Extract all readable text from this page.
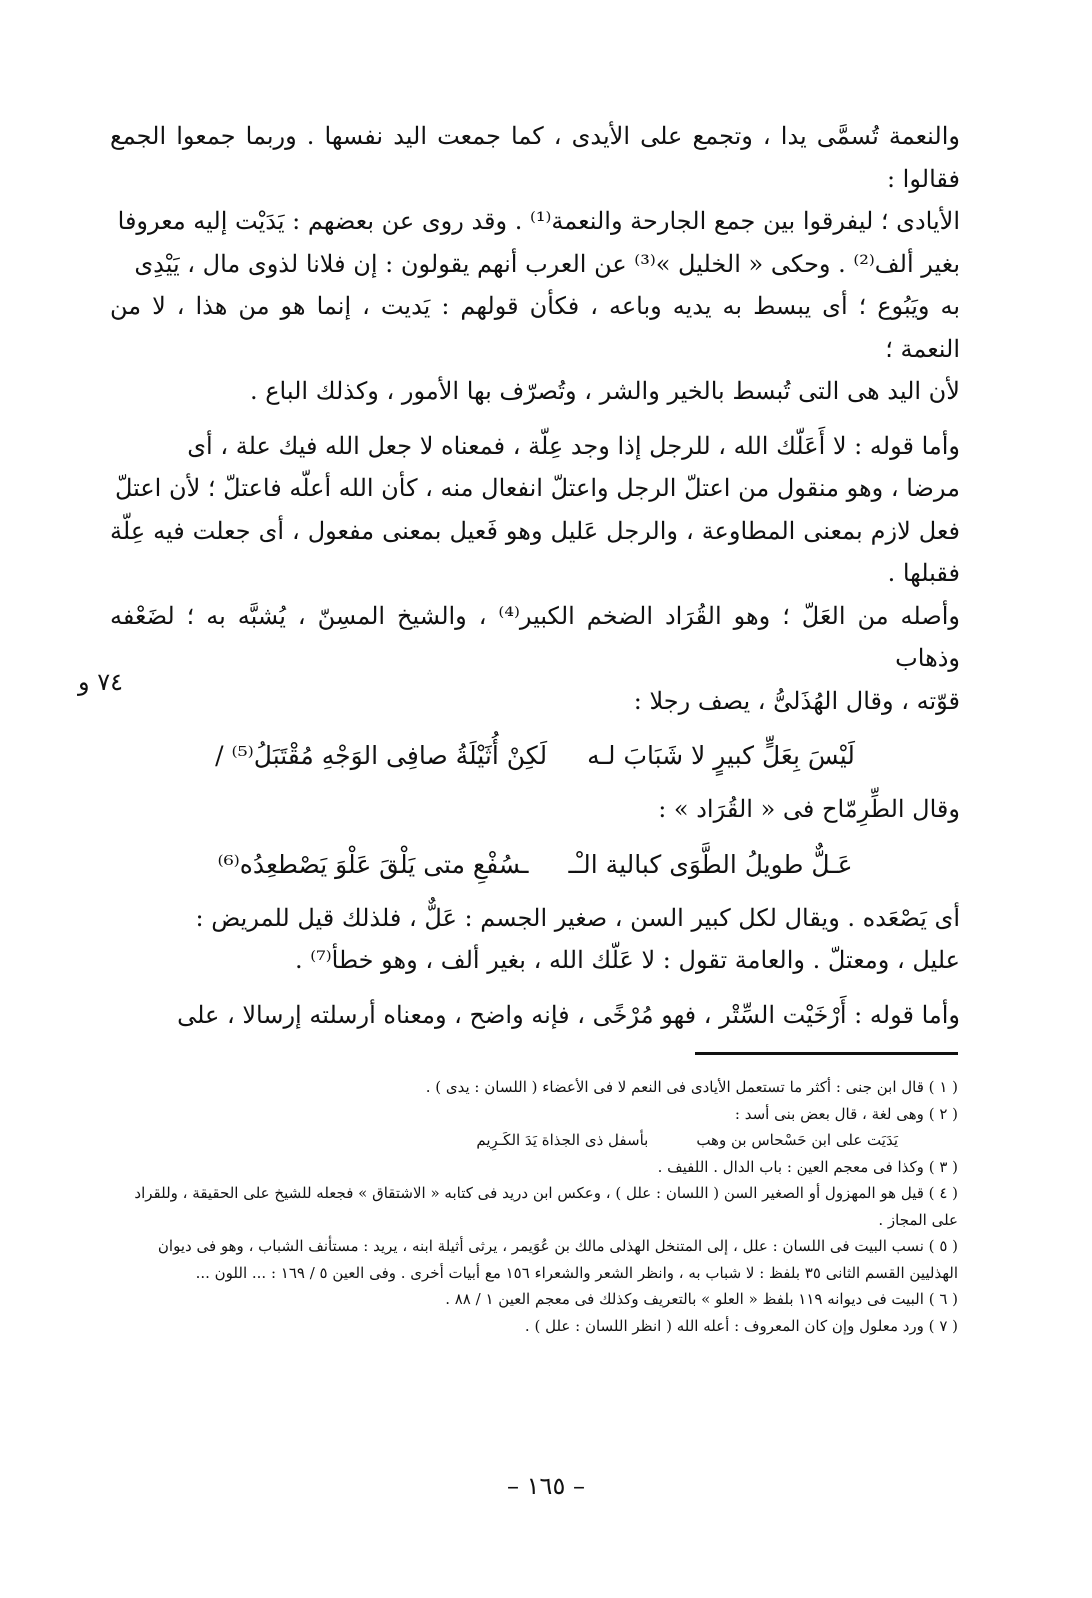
والنعمة تُسمَّى يدا ، وتجمع على الأيدى ، كما جمعت اليد نفسها . وربما جمعوا الجمع فقالوا :
الأيادى ؛ ليفرقوا بين جمع الجارحة والنعمة⁽¹⁾ . وقد روى عن بعضهم : يَدَيْت إليه معروفا
بغير ألف⁽²⁾ . وحكى « الخليل »⁽³⁾ عن العرب أنهم يقولون : إن فلانا لذوى مال ، يَيْدِى
به ويَبُوع ؛ أى يبسط به يديه وباعه ، فكأن قولهم : يَديت ، إنما هو من هذا ، لا من النعمة ؛
لأن اليد هى التى تُبسط بالخير والشر ، وتُصرّف بها الأمور ، وكذلك الباع .

وأما قوله : لا أَعَلّك الله ، للرجل إذا وجد عِلّة ، فمعناه لا جعل الله فيك علة ، أى
مرضا ، وهو منقول من اعتلّ الرجل واعتلّ انفعال منه ، كأن الله أعلّه فاعتلّ ؛ لأن اعتلّ
فعل لازم بمعنى المطاوعة ، والرجل عَليل وهو فَعيل بمعنى مفعول ، أى جعلت فيه عِلّة فقبلها .
وأصله من العَلّ ؛ وهو القُرَاد الضخم الكبير⁽⁴⁾ ، والشيخ المسِنّ ، يُشبَّه به ؛ لضَعْفه وذهاب
قوّته ، وقال الهُذَلىُّ ، يصف رجلا :

لَيْسَ بِعَلٍّ كبيرٍ لا شَبَابَ لـه
لَكِنْ أُثَيْلَةُ صافِى الوَجْهِ مُقْتَبَلُ⁽⁵⁾ /

وقال الطِّرِمّاح فى « القُرَاد » :

عَـلٌّ طويلُ الطَّوَى كبالية الـْـ
ـسُفْعِ متى يَلْقَ عَلْوَ يَصْطعِدُه⁽⁶⁾

أى يَصْعَده . ويقال لكل كبير السن ، صغير الجسم : عَلٌّ ، فلذلك قيل للمريض :
عليل ، ومعتلّ . والعامة تقول : لا عَلّك الله ، بغير ألف ، وهو خطأ⁽⁷⁾ .

وأما قوله : أَرْخَيْت السِّتْر ، فهو مُرْخًى ، فإنه واضح ، ومعناه أرسلته إرسالا ، على

٧٤ و

( ١ ) قال ابن جنى : أكثر ما تستعمل الأيادى فى النعم لا فى الأعضاء ( اللسان : يدى ) .

( ٢ ) وهى لغة ، قال بعض بنى أسد :

يَدَيَت على ابن حَسْحاس بن وهب
بأسفل ذى الجذاة يَدَ الكَـرِيم

( ٣ ) وكذا فى معجم العين : باب الدال . اللفيف .

( ٤ ) قيل هو المهزول أو الصغير السن ( اللسان : علل ) ، وعكس ابن دريد فى كتابه « الاشتقاق » فجعله للشيخ على الحقيقة ، وللقراد على المجاز .

( ٥ ) نسب البيت فى اللسان : علل ، إلى المتنخل الهذلى مالك بن عُوَيمر ، يرثى أثيلة ابنه ، يريد : مستأنف الشباب ، وهو فى ديوان الهذليين القسم الثانى ٣٥ بلفظ : لا شباب به ، وانظر الشعر والشعراء ١٥٦ مع أبيات أخرى . وفى العين ٥ / ١٦٩ : ... اللون ...

( ٦ ) البيت فى ديوانه ١١٩ بلفظ « العلو » بالتعريف وكذلك فى معجم العين ١ / ٨٨ .

( ٧ ) ورد معلول وإن كان المعروف : أعله الله ( انظر اللسان : علل ) .

– ١٦٥ –
